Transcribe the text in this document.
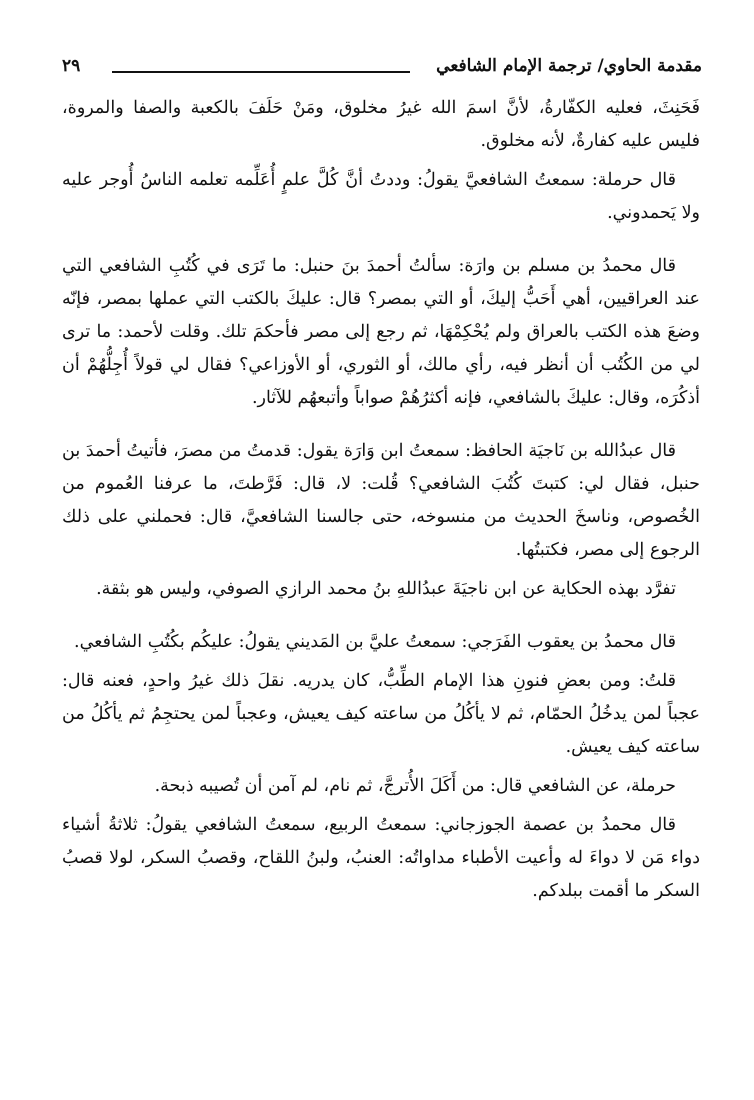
مقدمة الحاوي/ ترجمة الإمام الشافعي
٢٩

فَحَنِثَ، فعليه الكفّارةُ، لأنَّ اسمَ الله غيرُ مخلوق، ومَنْ حَلَفَ بالكعبة والصفا والمروة، فليس عليه كفارةٌ، لأنه مخلوق.

قال حرملة: سمعتُ الشافعيَّ يقولُ: وددتُ أنَّ كُلَّ علمٍ أُعَلِّمه تعلمه الناسُ أُوجر عليه ولا يَحمدوني.

قال محمدُ بن مسلم بن وارَة: سألتُ أحمدَ بنَ حنبل: ما تَرَى في كُتُبِ الشافعي التي عند العراقيين، أهي أَحَبُّ إليكَ، أو التي بمصر؟ قال: عليكَ بالكتب التي عملها بمصر، فإنّه وضعَ هذه الكتب بالعراق ولم يُحْكِمْهَا، ثم رجع إلى مصر فأحكمَ تلك. وقلت لأحمد: ما ترى لي من الكُتُب أن أنظر فيه، رأي مالك، أو الثوري، أو الأوزاعي؟ فقال لي قولاً أُجِلُّهُمْ أن أذكُرَه، وقال: عليكَ بالشافعي، فإنه أكثرُهُمْ صواباً وأتبعهُم للآثار.

قال عبدُالله بن نَاجيَة الحافظ: سمعتُ ابن وَارَة يقول: قدمتُ من مصرَ، فأتيتُ أحمدَ بن حنبل، فقال لي: كتبتَ كُتُبَ الشافعي؟ قُلت: لا، قال: فَرَّطتَ، ما عرفنا العُموم من الخُصوص، وناسخَ الحديث من منسوخه، حتى جالسنا الشافعيَّ، قال: فحملني على ذلك الرجوع إلى مصر، فكتبتُها.

تفرَّد بهذه الحكاية عن ابن ناجيَةَ عبدُاللهِ بنُ محمد الرازي الصوفي، وليس هو بثقة.

قال محمدُ بن يعقوب الفَرَجي: سمعتُ عليَّ بن المَديني يقولُ: عليكُم بكُتُبِ الشافعي.

قلتُ: ومن بعضِ فنونِ هذا الإمام الطِّبُّ، كان يدريه. نقلَ ذلك غيرُ واحدٍ، فعنه قال: عجباً لمن يدخُلُ الحمّام، ثم لا يأكُلُ من ساعته كيف يعيش، وعجباً لمن يحتجِمُ ثم يأكُلُ من ساعته كيف يعيش.

حرملة، عن الشافعي قال: من أَكَلَ الأُترجَّ، ثم نام، لم آمن أن تُصيبه ذبحة.

قال محمدُ بن عصمة الجوزجاني: سمعتُ الربيع، سمعتُ الشافعي يقولُ: ثلاثةُ أشياء دواء مَن لا دواءَ له وأعيت الأطباء مداواتُه: العنبُ، ولبنُ اللقاح، وقصبُ السكر، لولا قصبُ السكر ما أقمت ببلدكم.
